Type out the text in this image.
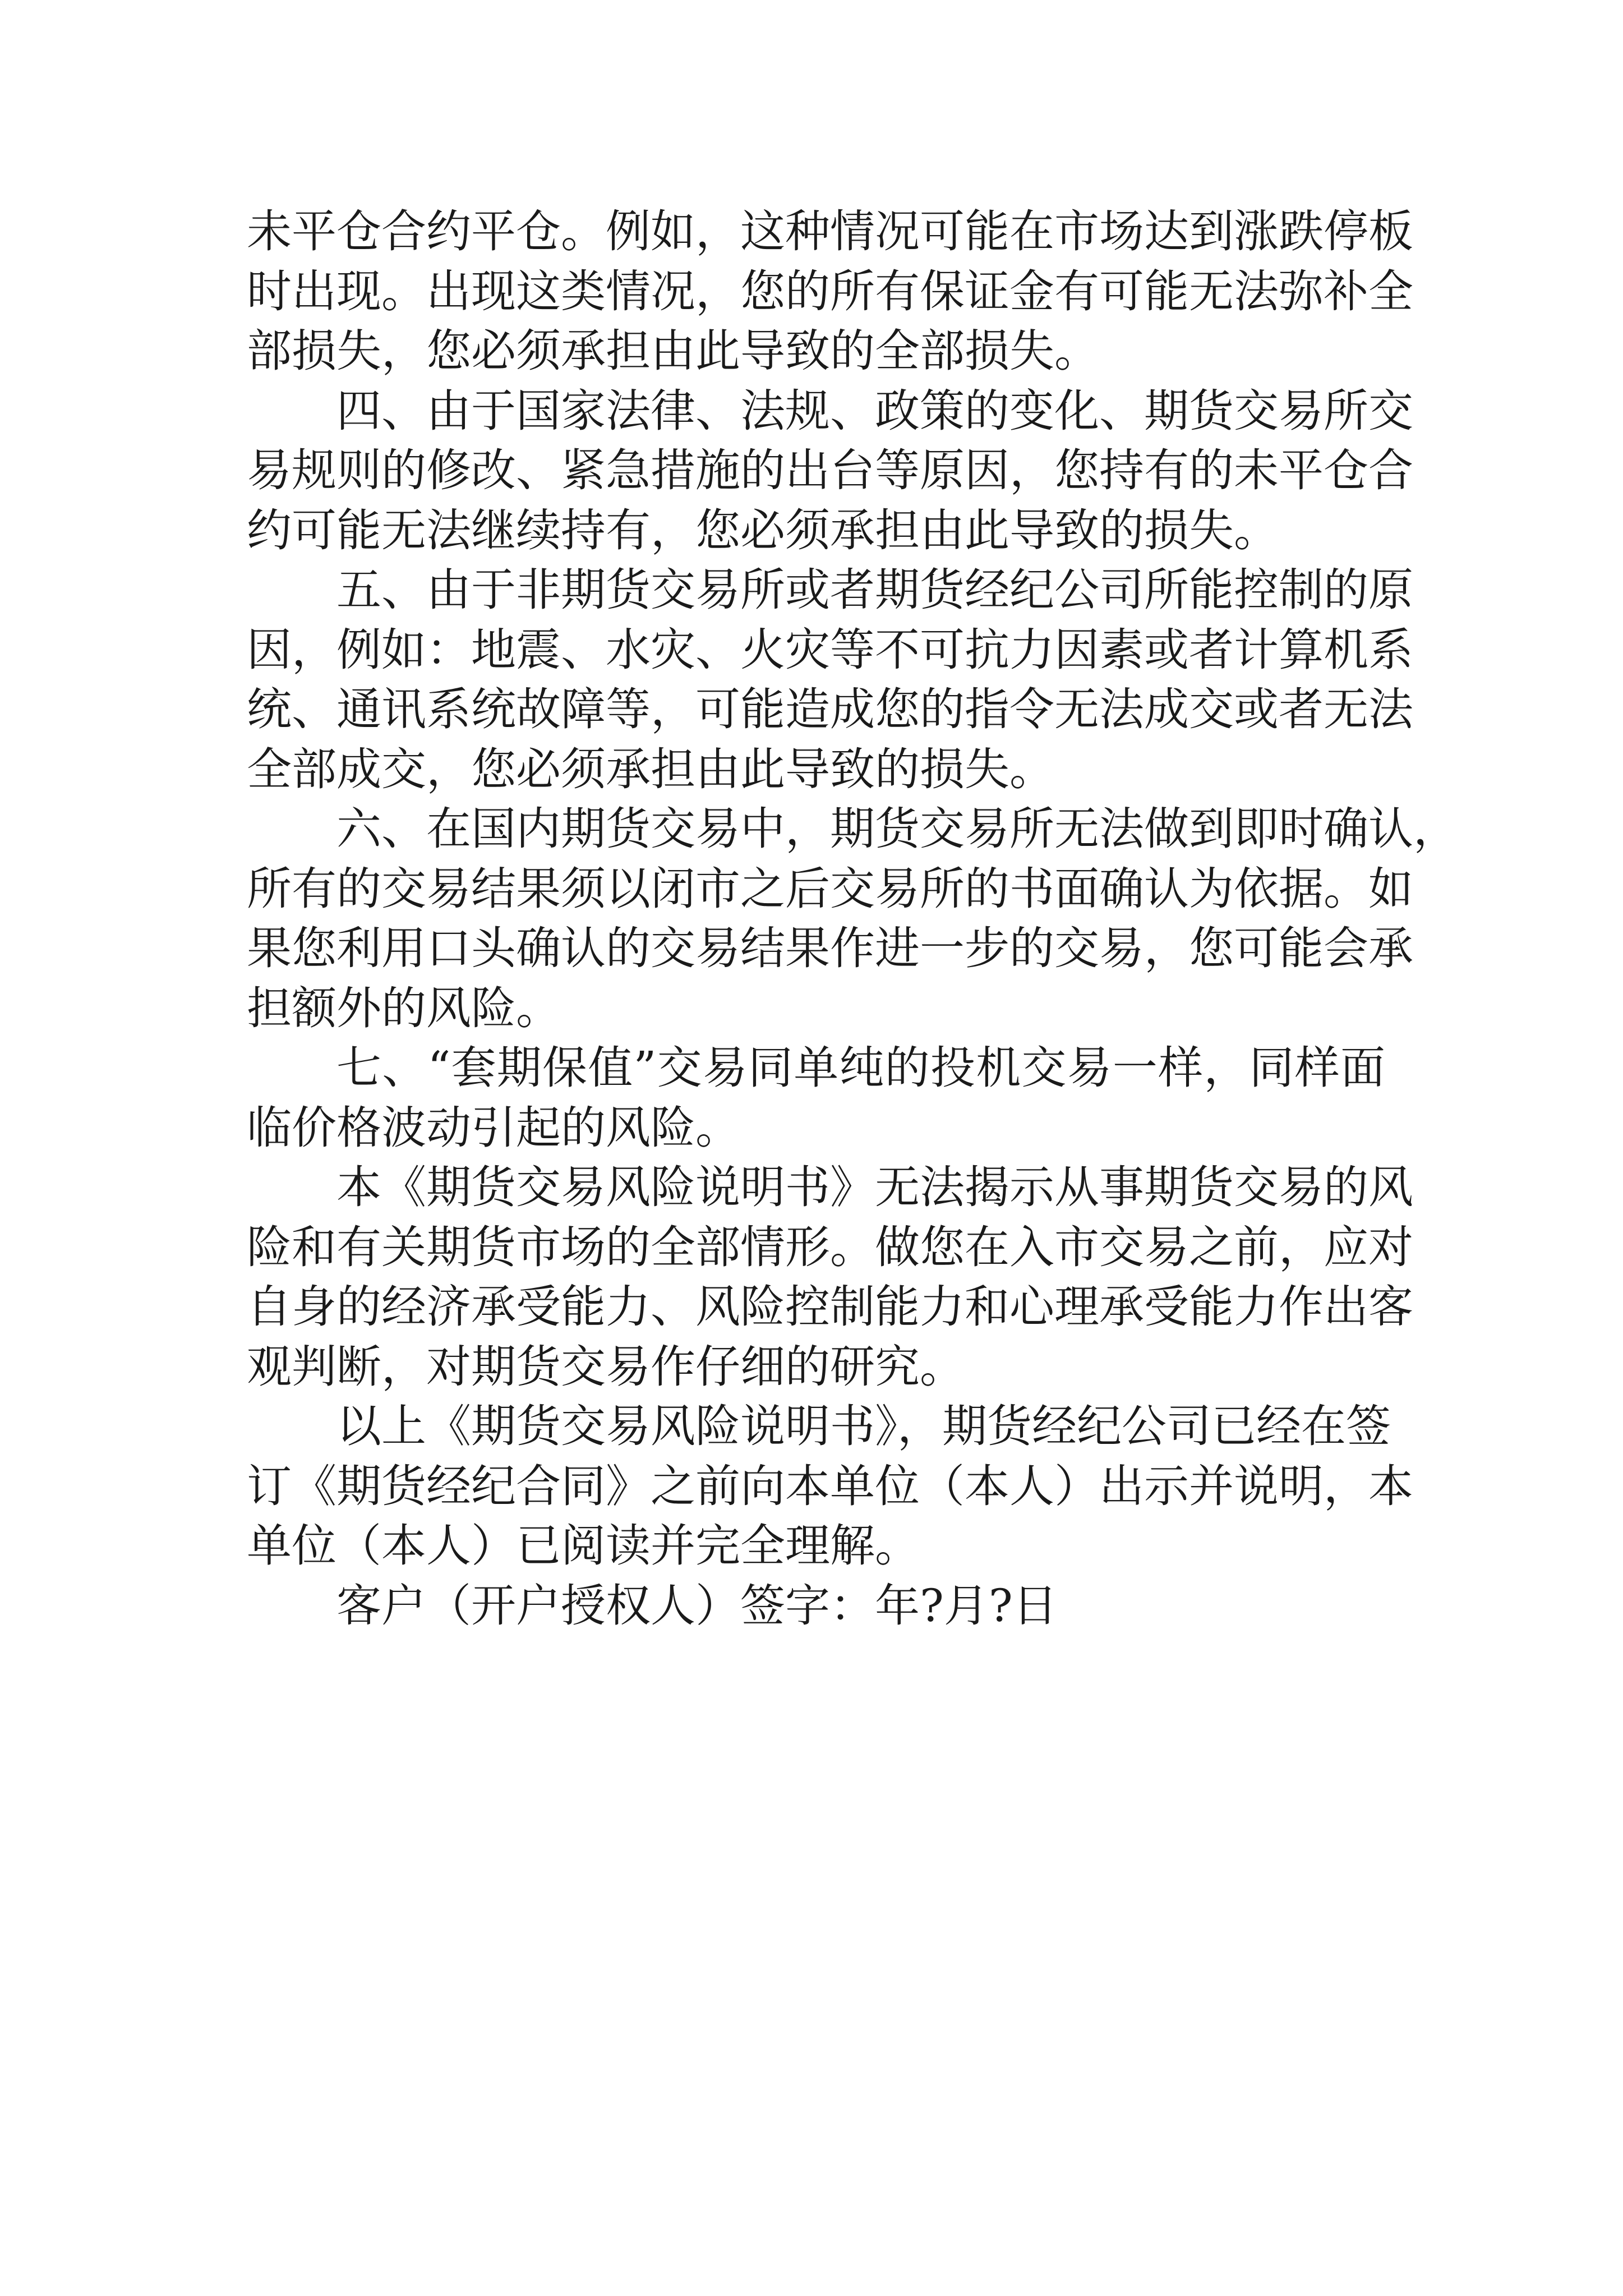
未平仓合约平仓。例如，这种情况可能在市场达到涨跌停板
时出现。出现这类情况，您的所有保证金有可能无法弥补全
部损失，您必须承担由此导致的全部损失。
四、由于国家法律、法规、政策的变化、期货交易所交
易规则的修改、紧急措施的出台等原因，您持有的未平仓合
约可能无法继续持有，您必须承担由此导致的损失。
五、由于非期货交易所或者期货经纪公司所能控制的原
因，例如：地震、水灾、火灾等不可抗力因素或者计算机系
统、通讯系统故障等，可能造成您的指令无法成交或者无法
全部成交，您必须承担由此导致的损失。
六、在国内期货交易中，期货交易所无法做到即时确认，
所有的交易结果须以闭市之后交易所的书面确认为依据。如
果您利用口头确认的交易结果作进一步的交易，您可能会承
担额外的风险。
七、“套期保值”交易同单纯的投机交易一样，同样面
临价格波动引起的风险。
本《期货交易风险说明书》无法揭示从事期货交易的风
险和有关期货市场的全部情形。做您在入市交易之前，应对
自身的经济承受能力、风险控制能力和心理承受能力作出客
观判断，对期货交易作仔细的研究。
以上《期货交易风险说明书》，期货经纪公司已经在签
订《期货经纪合同》之前向本单位（本人）出示并说明，本
单位（本人）已阅读并完全理解。
客户（开户授权人）签字：年?月?日
